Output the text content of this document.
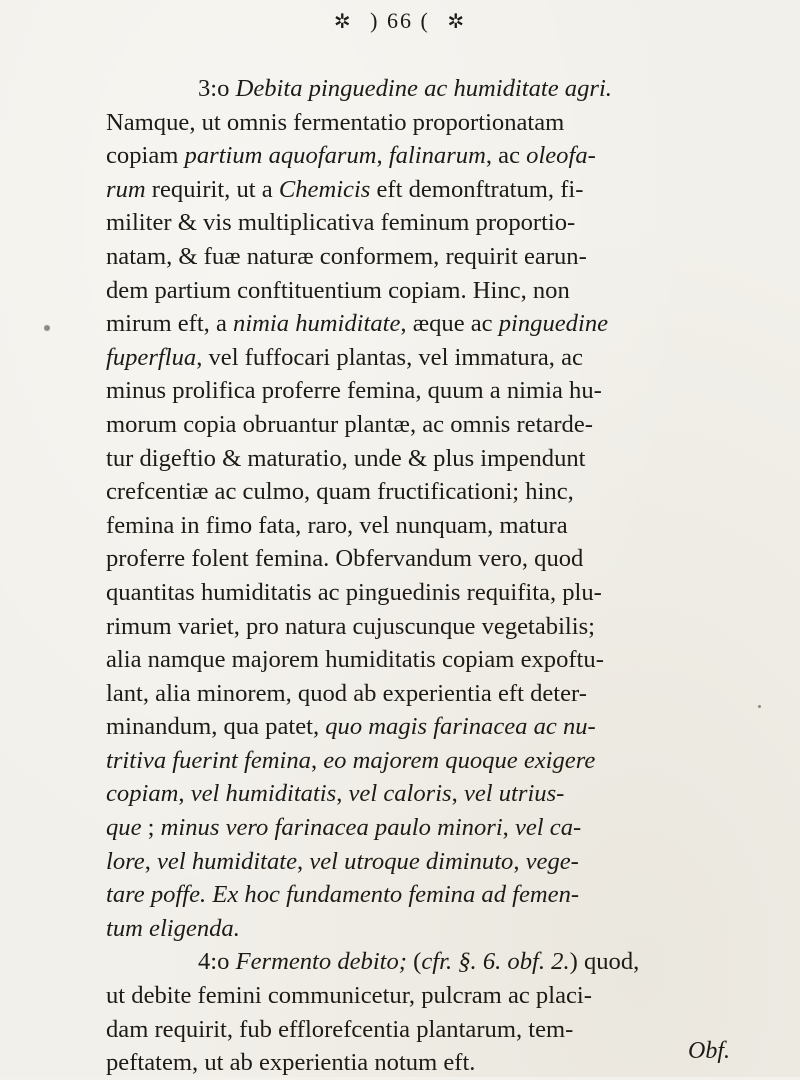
✲ ) 66 ( ✲
3:o Debita pinguedine ac humiditate agri.
Namque, ut omnis fermentatio proportionatam
copiam partium aquofarum, falinarum, ac oleofa-
rum requirit, ut a Chemicis eft demonftratum, fi-
militer & vis multiplicativa feminum proportio-
natam, & fuæ naturæ conformem, requirit earun-
dem partium conftituentium copiam. Hinc, non
mirum eft, a nimia humiditate, æque ac pinguedine
fuperflua, vel fuffocari plantas, vel immatura, ac
minus prolifica proferre femina, quum a nimia hu-
morum copia obruantur plantæ, ac omnis retarde-
tur digeftio & maturatio, unde & plus impendunt
crefcentiæ ac culmo, quam fructificationi; hinc,
femina in fimo fata, raro, vel nunquam, matura
proferre folent femina. Obfervandum vero, quod
quantitas humiditatis ac pinguedinis requifita, plu-
rimum variet, pro natura cujuscunque vegetabilis;
alia namque majorem humiditatis copiam expoftu-
lant, alia minorem, quod ab experientia eft deter-
minandum, qua patet, quo magis farinacea ac nu-
tritiva fuerint femina, eo majorem quoque exigere
copiam, vel humiditatis, vel caloris, vel utrius-
que ; minus vero farinacea paulo minori, vel ca-
lore, vel humiditate, vel utroque diminuto, vege-
tare poffe. Ex hoc fundamento femina ad femen-
tum eligenda.
4:o Fermento debito; (cfr. §. 6. obf. 2.) quod,
ut debite femini communicetur, pulcram ac placi-
dam requirit, fub efflorefcentia plantarum, tem-
peftatem, ut ab experientia notum eft.	Obf.
